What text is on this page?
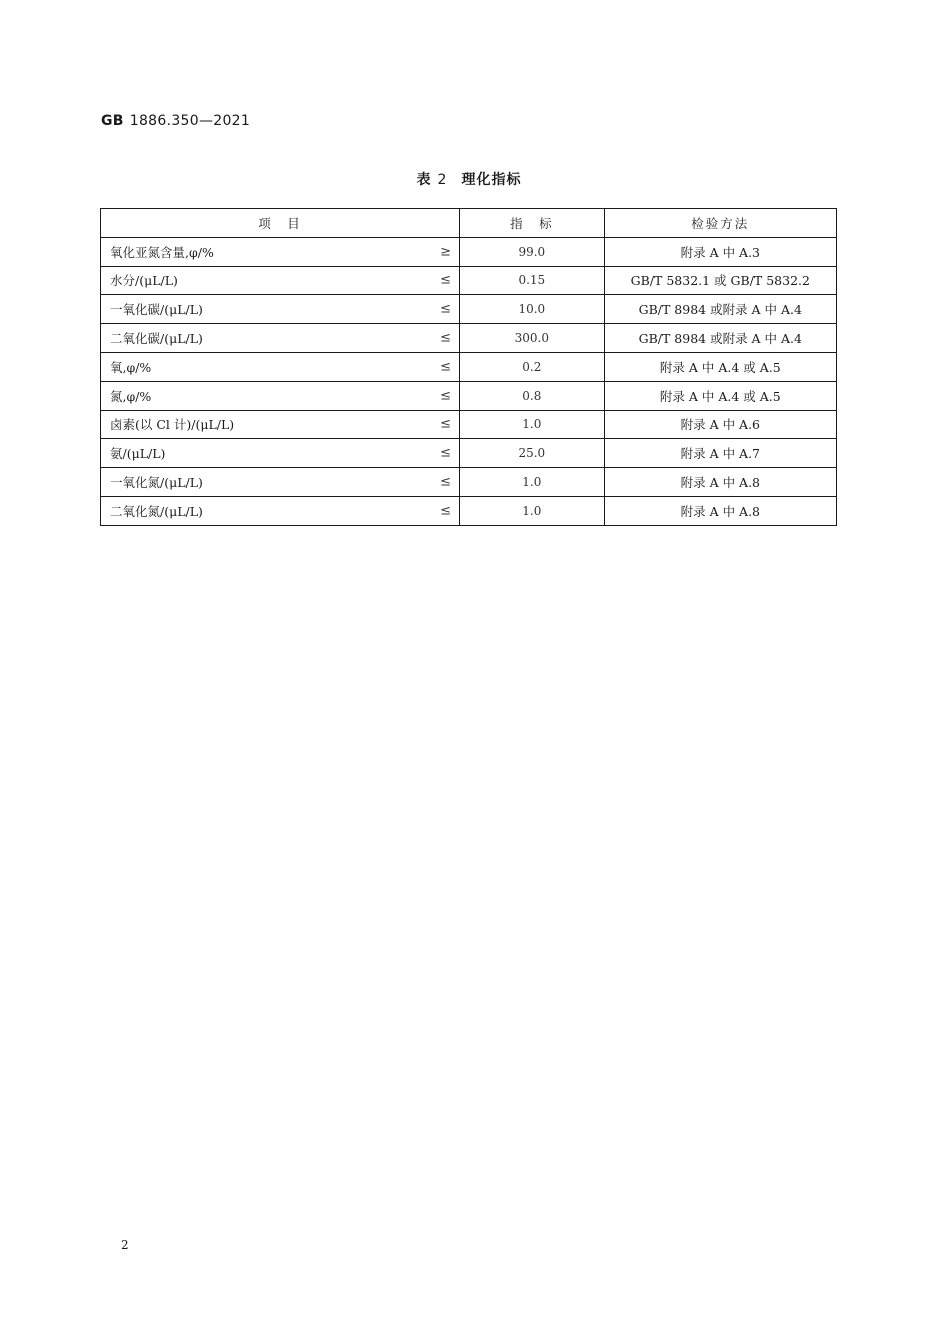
GB 1886.350—2021
表 2 理化指标
项　目	指　标	检验方法
氧化亚氮含量,φ/% ≥	99.0	附录 A 中 A.3
水分/(μL/L) ≤	0.15	GB/T 5832.1 或 GB/T 5832.2
一氧化碳/(μL/L) ≤	10.0	GB/T 8984 或附录 A 中 A.4
二氧化碳/(μL/L) ≤	300.0	GB/T 8984 或附录 A 中 A.4
氧,φ/% ≤	0.2	附录 A 中 A.4 或 A.5
氮,φ/% ≤	0.8	附录 A 中 A.4 或 A.5
卤素(以 Cl 计)/(μL/L) ≤	1.0	附录 A 中 A.6
氨/(μL/L) ≤	25.0	附录 A 中 A.7
一氧化氮/(μL/L) ≤	1.0	附录 A 中 A.8
二氧化氮/(μL/L) ≤	1.0	附录 A 中 A.8
2
